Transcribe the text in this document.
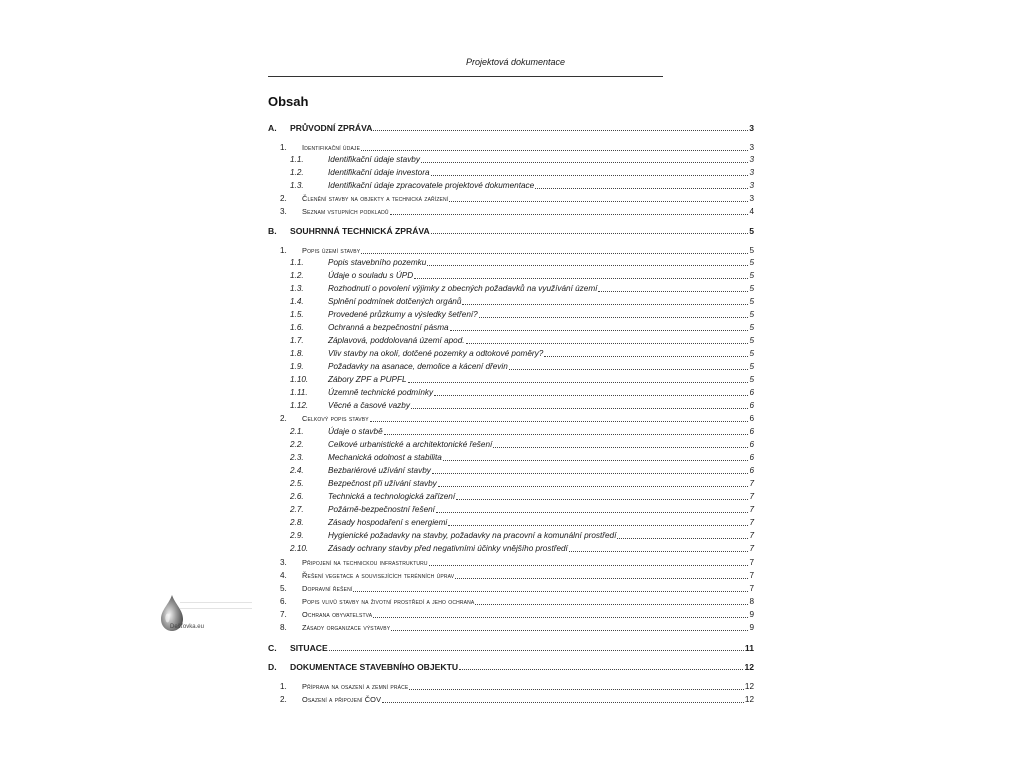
Projektová dokumentace
Obsah
A.	PRŮVODNÍ ZPRÁVA	3
1.	Identifikační údaje	3
1.1.	Identifikační údaje stavby	3
1.2.	Identifikační údaje investora	3
1.3.	Identifikační údaje zpracovatele projektové dokumentace	3
2.	Členění stavby na objekty a technická zařízení	3
3.	Seznam vstupních podkladů	4
B.	SOUHRNNÁ TECHNICKÁ ZPRÁVA	5
1.	Popis území stavby	5
1.1.	Popis stavebního pozemku	5
1.2.	Údaje o souladu s ÚPD	5
1.3.	Rozhodnutí o povolení výjimky z obecných požadavků na využívání území	5
1.4.	Splnění podmínek dotčených orgánů	5
1.5.	Provedené průzkumy a výsledky šetření?	5
1.6.	Ochranná a bezpečnostní pásma	5
1.7.	Záplavová, poddolovaná území apod.	5
1.8.	Vliv stavby na okolí, dotčené pozemky a odtokové poměry?	5
1.9.	Požadavky na asanace, demolice a kácení dřevin	5
1.10.	Zábory ZPF a PUPFL	5
1.11.	Územně technické podmínky	6
1.12.	Věcné a časové vazby	6
2.	Celkový popis stavby	6
2.1.	Údaje o stavbě	6
2.2.	Celkové urbanistické a architektonické řešení	6
2.3.	Mechanická odolnost a stabilita	6
2.4.	Bezbariérové užívání stavby	6
2.5.	Bezpečnost při užívání stavby	7
2.6.	Technická a technologická zařízení	7
2.7.	Požárně-bezpečnostní řešení	7
2.8.	Zásady hospodaření s energiemi	7
2.9.	Hygienické požadavky na stavby, požadavky na pracovní a komunální prostředí	7
2.10.	Zásady ochrany stavby před negativními účinky vnějšího prostředí	7
3.	Připojení na technickou infrastrukturu	7
4.	Řešení vegetace a souvisejících terénních úprav	7
5.	Dopravní řešení	7
6.	Popis vlivů stavby na životní prostředí a jeho ochrana	8
7.	Ochrana obyvatelstva	9
8.	Zásady organizace výstavby	9
C.	SITUACE	11
D.	DOKUMENTACE STAVEBNÍHO OBJEKTU	12
1.	Příprava na osazení a zemní práce	12
2.	Osazení a připojení ČOV	12
Dešťovka.eu
